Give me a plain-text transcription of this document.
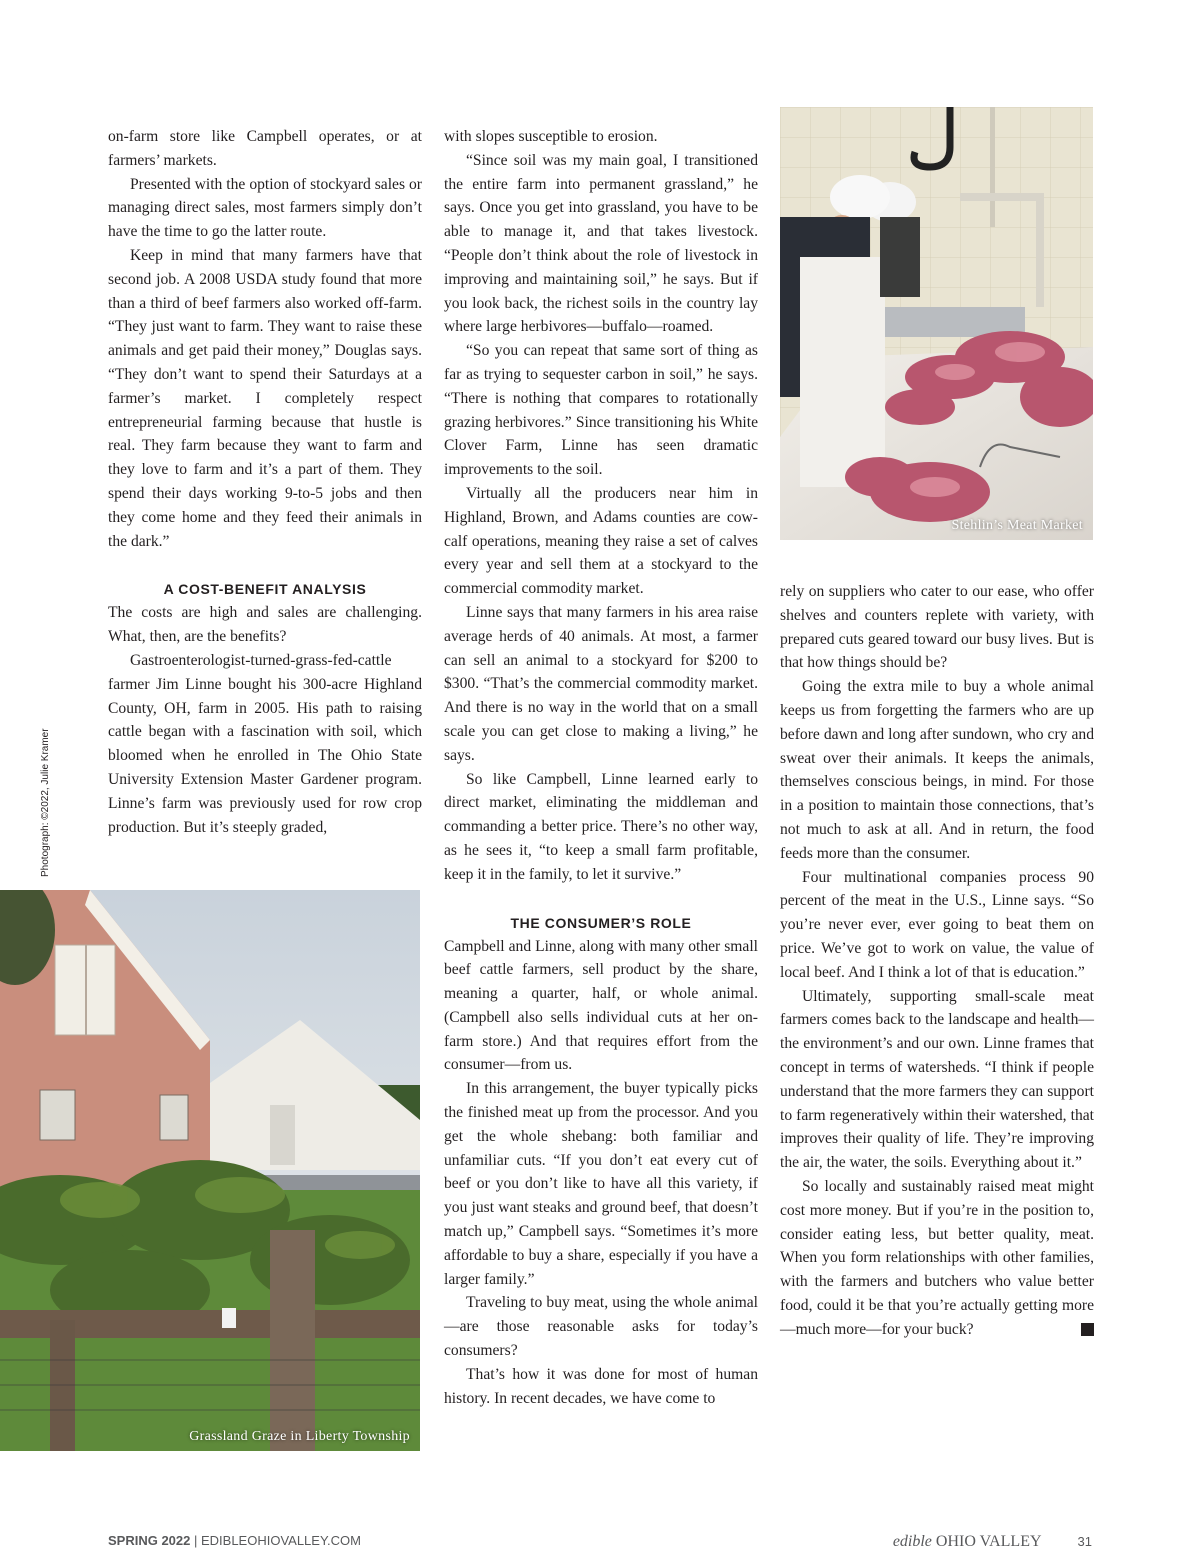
Stehlin’s Meat Market
Grassland Graze in Liberty Township
Photograph: ©2022, Julie Kramer

on-farm store like Campbell operates, or at farmers’ markets.

Presented with the option of stockyard sales or managing direct sales, most farmers simply don’t have the time to go the latter route.

Keep in mind that many farmers have that second job. A 2008 USDA study found that more than a third of beef farmers also worked off-farm. “They just want to farm. They want to raise these animals and get paid their money,” Douglas says. “They don’t want to spend their Saturdays at a farmer’s market. I completely respect entrepreneurial farming because that hustle is real. They farm because they want to farm and they love to farm and it’s a part of them. They spend their days working 9-to-5 jobs and then they come home and they feed their animals in the dark.”

A COST-BENEFIT ANALYSIS

The costs are high and sales are challenging. What, then, are the benefits?

Gastroenterologist-turned-grass-fed-cattle farmer Jim Linne bought his 300-acre Highland County, OH, farm in 2005. His path to raising cattle began with a fascination with soil, which bloomed when he enrolled in The Ohio State University Extension Master Gardener program. Linne’s farm was previously used for row crop production. But it’s steeply graded,

with slopes susceptible to erosion.

“Since soil was my main goal, I transitioned the entire farm into permanent grassland,” he says. Once you get into grassland, you have to be able to manage it, and that takes livestock. “People don’t think about the role of livestock in improving and maintaining soil,” he says. But if you look back, the richest soils in the country lay where large herbivores—buffalo—roamed.

“So you can repeat that same sort of thing as far as trying to sequester carbon in soil,” he says. “There is nothing that compares to rotationally grazing herbivores.” Since transitioning his White Clover Farm, Linne has seen dramatic improvements to the soil.

Virtually all the producers near him in Highland, Brown, and Adams counties are cow-calf operations, meaning they raise a set of calves every year and sell them at a stockyard to the commercial commodity market.

Linne says that many farmers in his area raise average herds of 40 animals. At most, a farmer can sell an animal to a stockyard for $200 to $300. “That’s the commercial commodity market. And there is no way in the world that on a small scale you can get close to making a living,” he says.

So like Campbell, Linne learned early to direct market, eliminating the middleman and commanding a better price. There’s no other way, as he sees it, “to keep a small farm profitable, keep it in the family, to let it survive.”

THE CONSUMER’S ROLE

Campbell and Linne, along with many other small beef cattle farmers, sell product by the share, meaning a quarter, half, or whole animal. (Campbell also sells individual cuts at her on-farm store.) And that requires effort from the consumer—from us.

In this arrangement, the buyer typically picks the finished meat up from the processor. And you get the whole shebang: both familiar and unfamiliar cuts. “If you don’t eat every cut of beef or you don’t like to have all this variety, if you just want steaks and ground beef, that doesn’t match up,” Campbell says. “Sometimes it’s more affordable to buy a share, especially if you have a larger family.”

Traveling to buy meat, using the whole animal—are those reasonable asks for today’s consumers?

That’s how it was done for most of human history. In recent decades, we have come to

rely on suppliers who cater to our ease, who offer shelves and counters replete with variety, with prepared cuts geared toward our busy lives. But is that how things should be?

Going the extra mile to buy a whole animal keeps us from forgetting the farmers who are up before dawn and long after sundown, who cry and sweat over their animals. It keeps the animals, themselves conscious beings, in mind. For those in a position to maintain those connections, that’s not much to ask at all. And in return, the food feeds more than the consumer.

Four multinational companies process 90 percent of the meat in the U.S., Linne says. “So you’re never ever, ever going to beat them on price. We’ve got to work on value, the value of local beef. And I think a lot of that is education.”

Ultimately, supporting small-scale meat farmers comes back to the landscape and health—the environment’s and our own. Linne frames that concept in terms of watersheds. “I think if people understand that the more farmers they can support to farm regeneratively within their watershed, that improves their quality of life. They’re improving the air, the water, the soils. Everything about it.”

So locally and sustainably raised meat might cost more money. But if you’re in the position to, consider eating less, but better quality, meat. When you form relationships with other families, with the farmers and butchers who value better food, could it be that you’re actually getting more—much more—for your buck?

SPRING 2022 | EDIBLEOHIOVALLEY.COM	edible OHIO VALLEY	31
